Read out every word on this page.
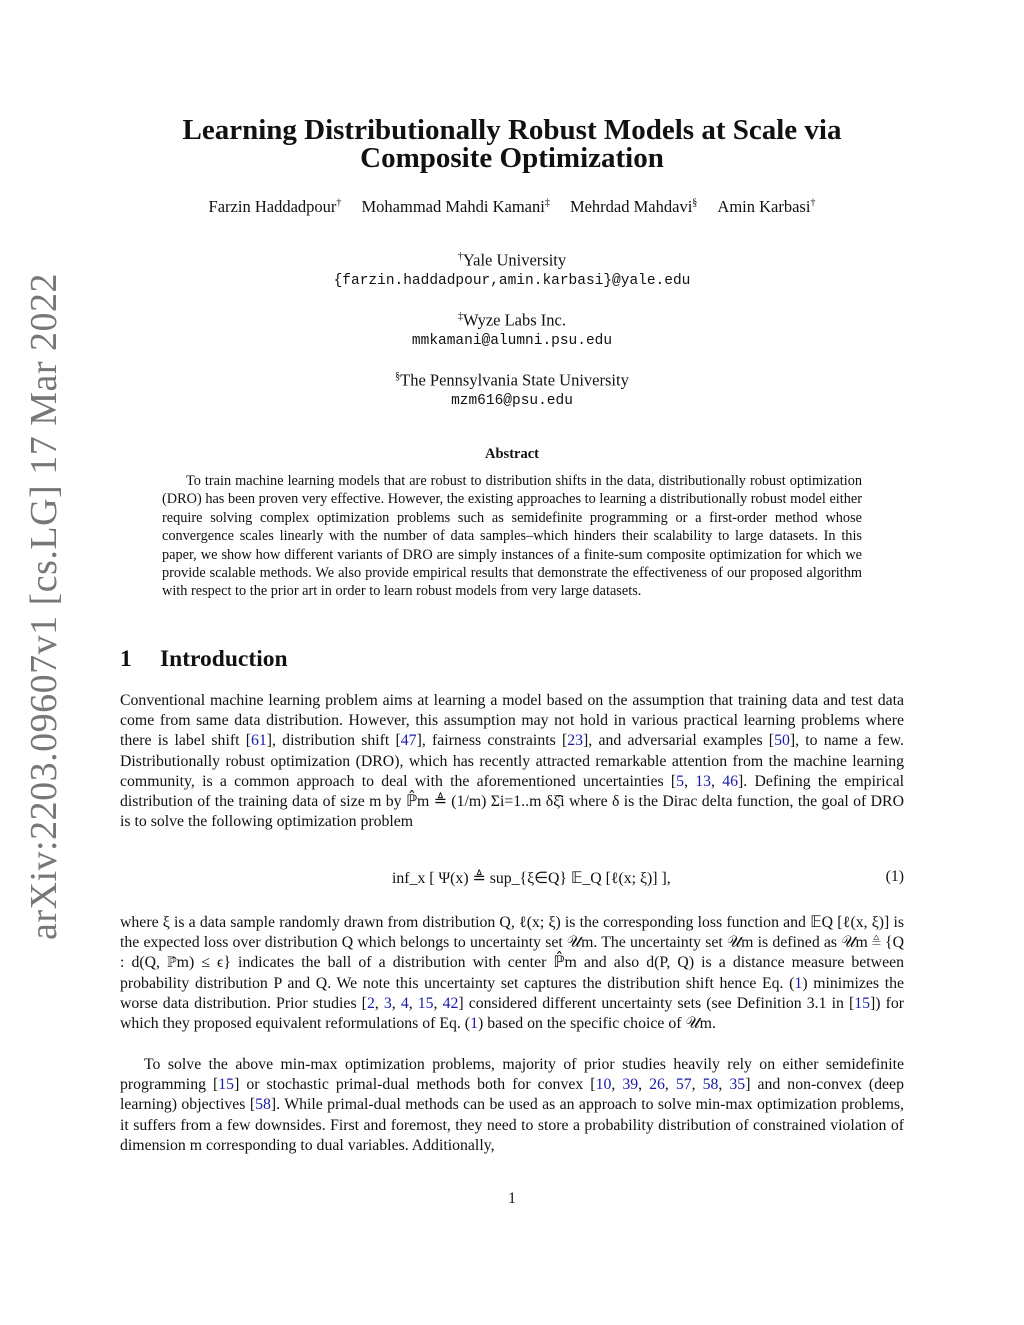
arXiv:2203.09607v1 [cs.LG] 17 Mar 2022
Learning Distributionally Robust Models at Scale via
Composite Optimization
Farzin Haddadpour† Mohammad Mahdi Kamani‡ Mehrdad Mahdavi§ Amin Karbasi†
†Yale University
{farzin.haddadpour,amin.karbasi}@yale.edu
‡Wyze Labs Inc.
mmkamani@alumni.psu.edu
§The Pennsylvania State University
mzm616@psu.edu
Abstract
To train machine learning models that are robust to distribution shifts in the data, distributionally robust optimization (DRO) has been proven very effective. However, the existing approaches to learning a distributionally robust model either require solving complex optimization problems such as semidefinite programming or a first-order method whose convergence scales linearly with the number of data samples–which hinders their scalability to large datasets. In this paper, we show how different variants of DRO are simply instances of a finite-sum composite optimization for which we provide scalable methods. We also provide empirical results that demonstrate the effectiveness of our proposed algorithm with respect to the prior art in order to learn robust models from very large datasets.
1 Introduction
Conventional machine learning problem aims at learning a model based on the assumption that training data and test data come from same data distribution. However, this assumption may not hold in various practical learning problems where there is label shift [61], distribution shift [47], fairness constraints [23], and adversarial examples [50], to name a few. Distributionally robust optimization (DRO), which has recently attracted remarkable attention from the machine learning community, is a common approach to deal with the aforementioned uncertainties [5, 13, 46]. Defining the empirical distribution of the training data of size m by ℙ̂m ≜ (1/m) Σi=1..m δξ̂i where δ is the Dirac delta function, the goal of DRO is to solve the following optimization problem
inf_x [ Ψ(x) ≜ sup_{ξ∈Q} 𝔼_Q [ℓ(x; ξ)] ],	(1)
where ξ is a data sample randomly drawn from distribution Q, ℓ(x; ξ) is the corresponding loss function and 𝔼Q [ℓ(x, ξ)] is the expected loss over distribution Q which belongs to uncertainty set 𝒰m. The uncertainty set 𝒰m is defined as 𝒰m ≜ {Q : d(Q, ℙ̂m) ≤ ϵ} indicates the ball of a distribution with center ℙ̂m and also d(P, Q) is a distance measure between probability distribution P and Q. We note this uncertainty set captures the distribution shift hence Eq. (1) minimizes the worse data distribution. Prior studies [2, 3, 4, 15, 42] considered different uncertainty sets (see Definition 3.1 in [15]) for which they proposed equivalent reformulations of Eq. (1) based on the specific choice of 𝒰m.
To solve the above min-max optimization problems, majority of prior studies heavily rely on either semidefinite programming [15] or stochastic primal-dual methods both for convex [10, 39, 26, 57, 58, 35] and non-convex (deep learning) objectives [58]. While primal-dual methods can be used as an approach to solve min-max optimization problems, it suffers from a few downsides. First and foremost, they need to store a probability distribution of constrained violation of dimension m corresponding to dual variables. Additionally,
1
